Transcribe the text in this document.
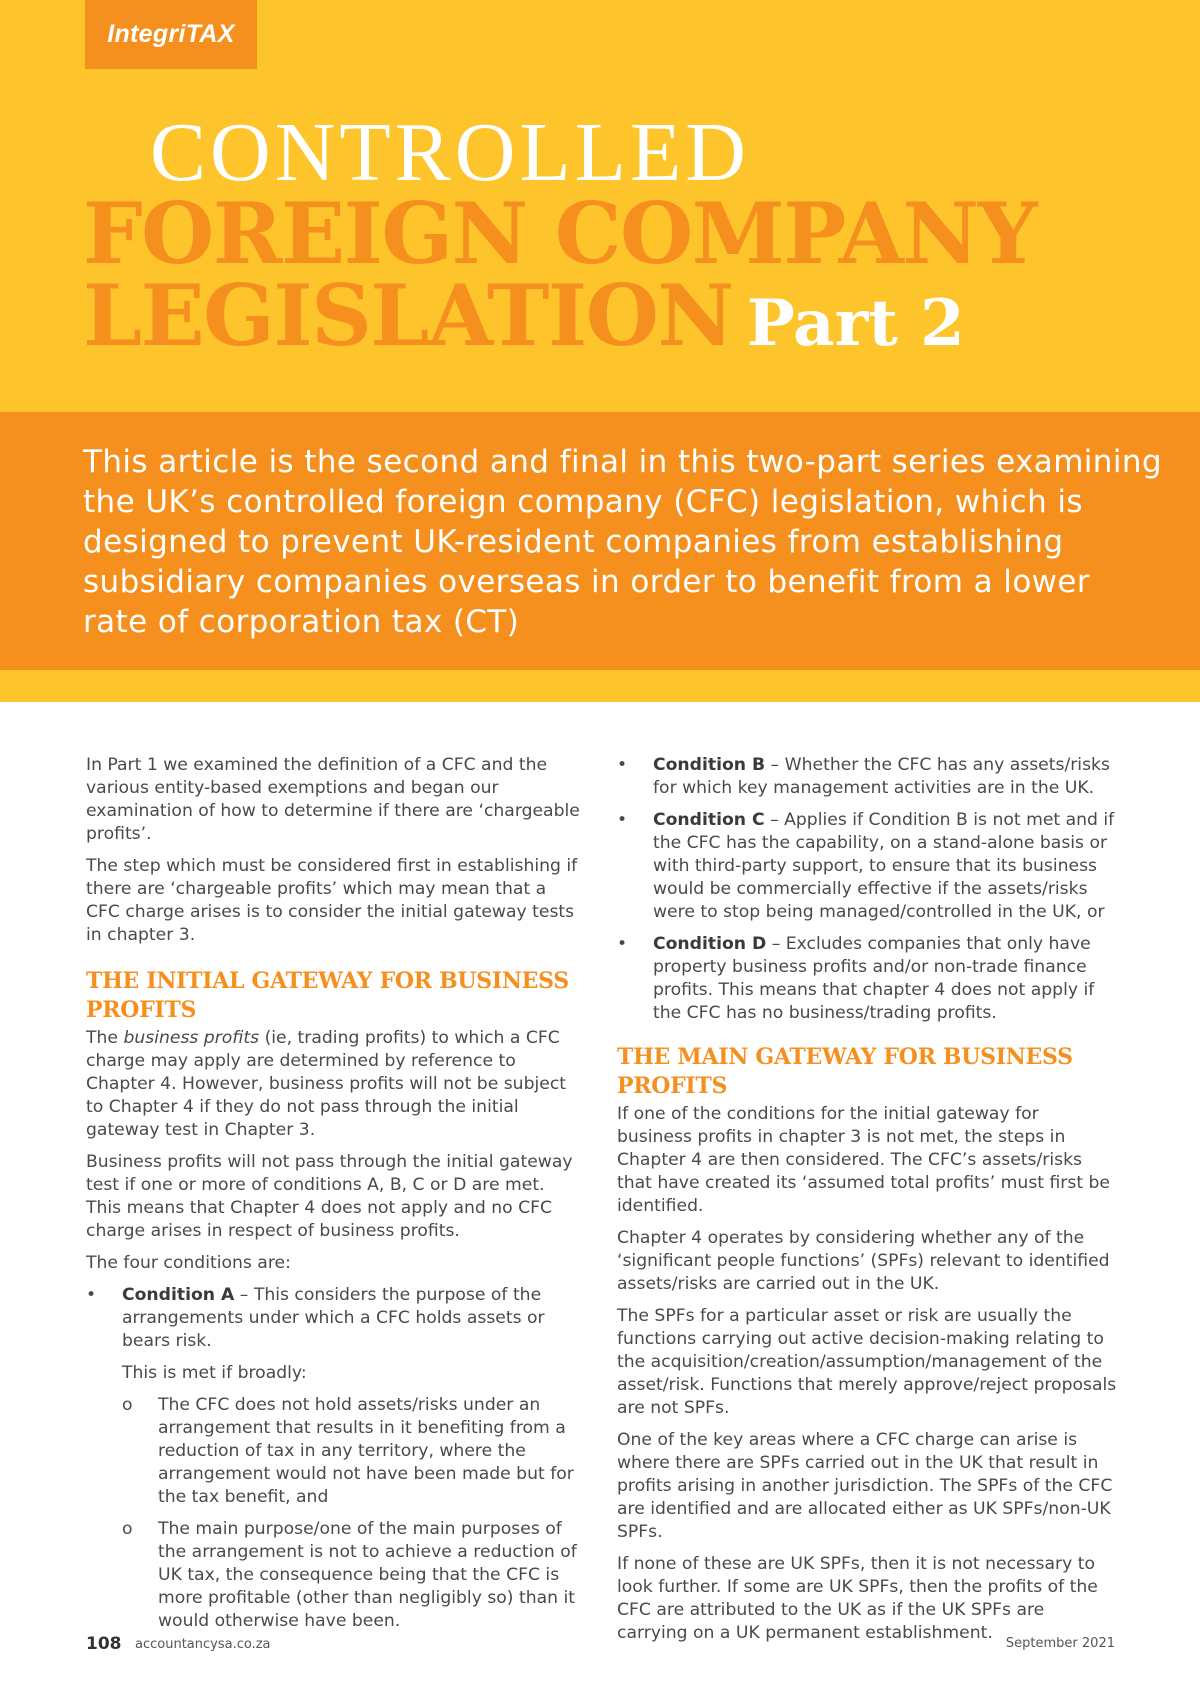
IntegriTAX
CONTROLLED
FOREIGN COMPANY
LEGISLATION Part 2

This article is the second and final in this two-part series examining the UK’s controlled foreign company (CFC) legislation, which is designed to prevent UK-resident companies from establishing subsidiary companies overseas in order to benefit from a lower rate of corporation tax (CT)

In Part 1 we examined the definition of a CFC and the various entity-based exemptions and began our examination of how to determine if there are ‘chargeable profits’.

The step which must be considered first in establishing if there are ‘chargeable profits’ which may mean that a CFC charge arises is to consider the initial gateway tests in chapter 3.

THE INITIAL GATEWAY FOR BUSINESS PROFITS

The business profits (ie, trading profits) to which a CFC charge may apply are determined by reference to Chapter 4. However, business profits will not be subject to Chapter 4 if they do not pass through the initial gateway test in Chapter 3.

Business profits will not pass through the initial gateway test if one or more of conditions A, B, C or D are met. This means that Chapter 4 does not apply and no CFC charge arises in respect of business profits.

The four conditions are:

•	Condition A – This considers the purpose of the arrangements under which a CFC holds assets or bears risk.

This is met if broadly:

o The CFC does not hold assets/risks under an arrangement that results in it benefiting from a reduction of tax in any territory, where the arrangement would not have been made but for the tax benefit, and
o The main purpose/one of the main purposes of the arrangement is not to achieve a reduction of UK tax, the consequence being that the CFC is more profitable (other than negligibly so) than it would otherwise have been.
•	Condition B – Whether the CFC has any assets/risks for which key management activities are in the UK.
•	Condition C – Applies if Condition B is not met and if the CFC has the capability, on a stand-alone basis or with third-party support, to ensure that its business would be commercially effective if the assets/risks were to stop being managed/controlled in the UK, or
•	Condition D – Excludes companies that only have property business profits and/or non-trade finance profits. This means that chapter 4 does not apply if the CFC has no business/trading profits.
THE MAIN GATEWAY FOR BUSINESS PROFITS

If one of the conditions for the initial gateway for business profits in chapter 3 is not met, the steps in Chapter 4 are then considered. The CFC’s assets/risks that have created its ‘assumed total profits’ must first be identified.

Chapter 4 operates by considering whether any of the ‘significant people functions’ (SPFs) relevant to identified assets/risks are carried out in the UK.

The SPFs for a particular asset or risk are usually the functions carrying out active decision-making relating to the acquisition/creation/assumption/management of the asset/risk. Functions that merely approve/reject proposals are not SPFs.

One of the key areas where a CFC charge can arise is where there are SPFs carried out in the UK that result in profits arising in another jurisdiction. The SPFs of the CFC are identified and are allocated either as UK SPFs/non-UK SPFs.

If none of these are UK SPFs, then it is not necessary to look further. If some are UK SPFs, then the profits of the CFC are attributed to the UK as if the UK SPFs are carrying on a UK permanent establishment.

108 accountancysa.co.za	September 2021
